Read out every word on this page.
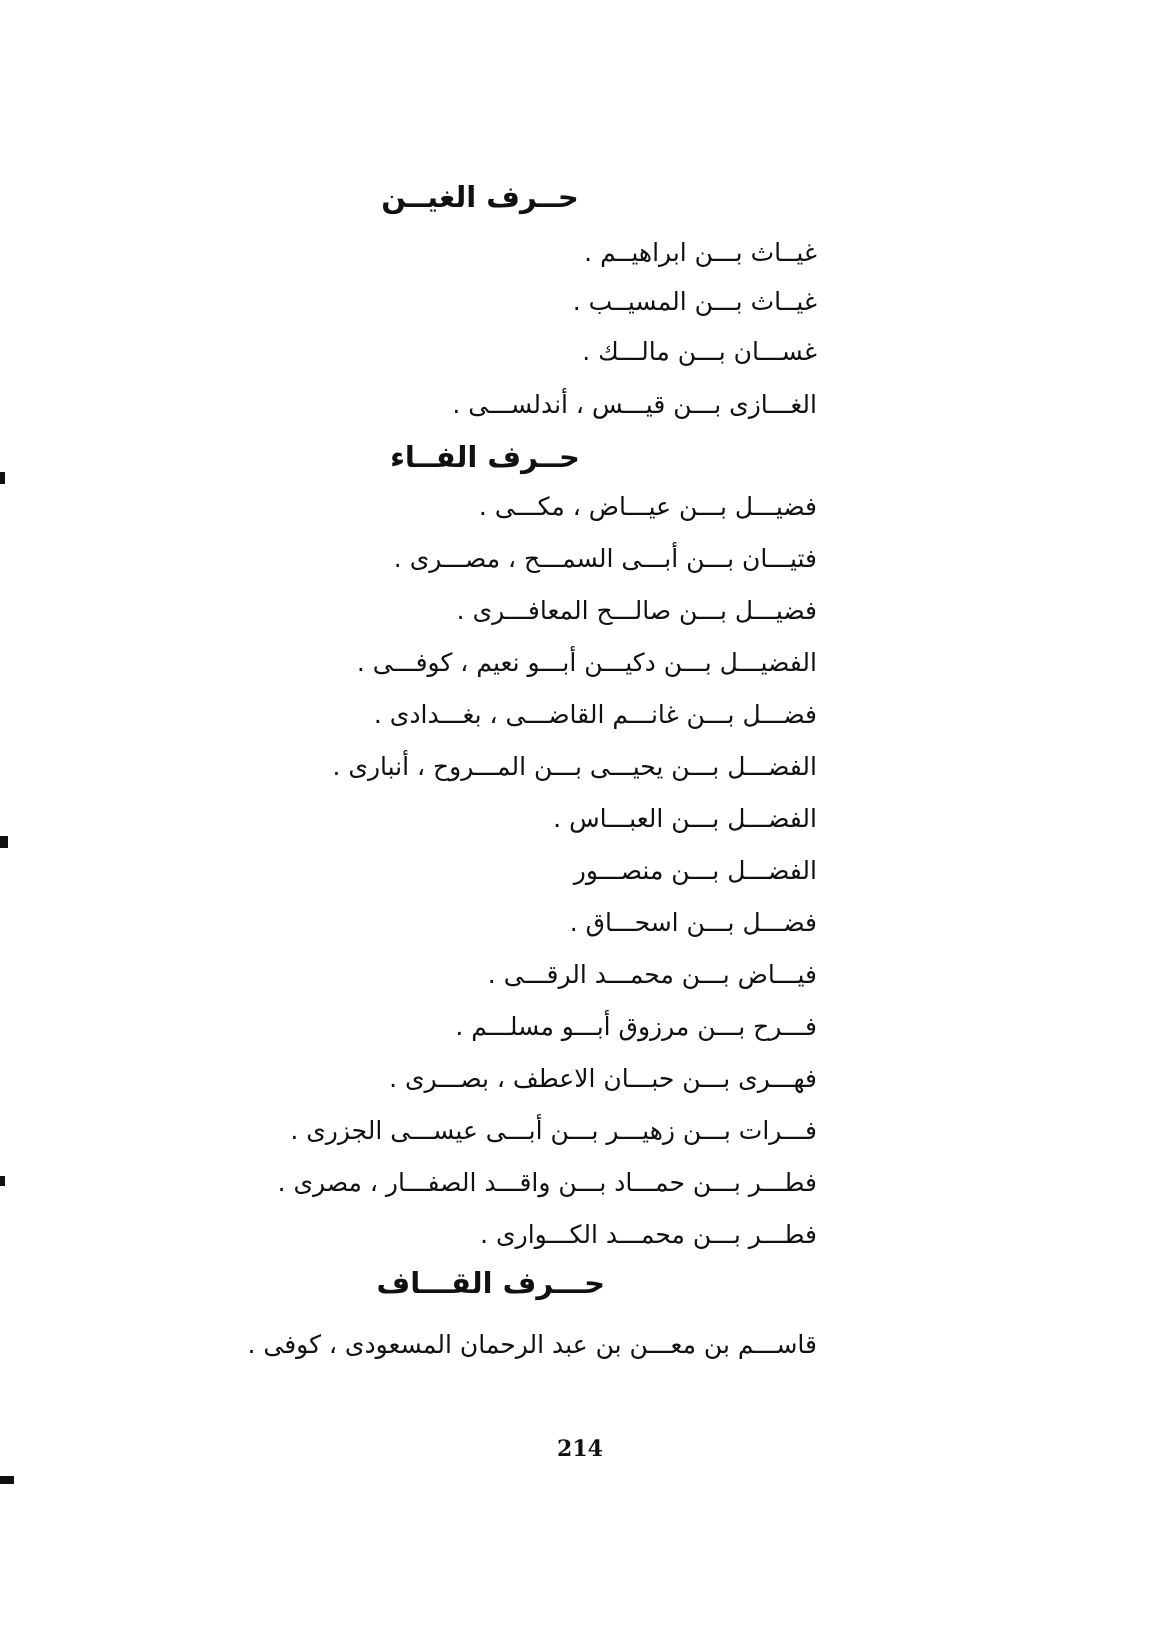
حــرف الغيــن
غيــاث بـــن ابراهيــم .
غيــاث بـــن المسيــب .
غســـان بـــن مالـــك .
الغـــازى بـــن قيـــس ، أندلســـى .
حــرف الفــاء
فضيـــل بـــن عيـــاض ، مكـــى .
فتيـــان بـــن أبـــى السمـــح ، مصـــرى .
فضيـــل بـــن صالـــح المعافـــرى .
الفضيـــل بـــن دكيـــن أبـــو نعيم ، كوفـــى .
فضـــل بـــن غانـــم القاضـــى ، بغـــدادى .
الفضـــل بـــن يحيـــى بـــن المـــروح ، أنبارى .
الفضـــل بـــن العبـــاس .
الفضـــل بـــن منصـــور
فضـــل بـــن اسحـــاق .
فيـــاض بـــن محمـــد الرقـــى .
فـــرح بـــن مرزوق أبـــو مسلـــم .
فهـــرى بـــن حبـــان الاعطف ، بصـــرى .
فـــرات بـــن زهيـــر بـــن أبـــى عيســـى الجزرى .
فطـــر بـــن حمـــاد بـــن واقـــد الصفـــار ، مصرى .
فطـــر بـــن محمـــد الكـــوارى .
حـــرف القـــاف
قاســـم بن معـــن بن عبد الرحمان المسعودى ، كوفى .
214
